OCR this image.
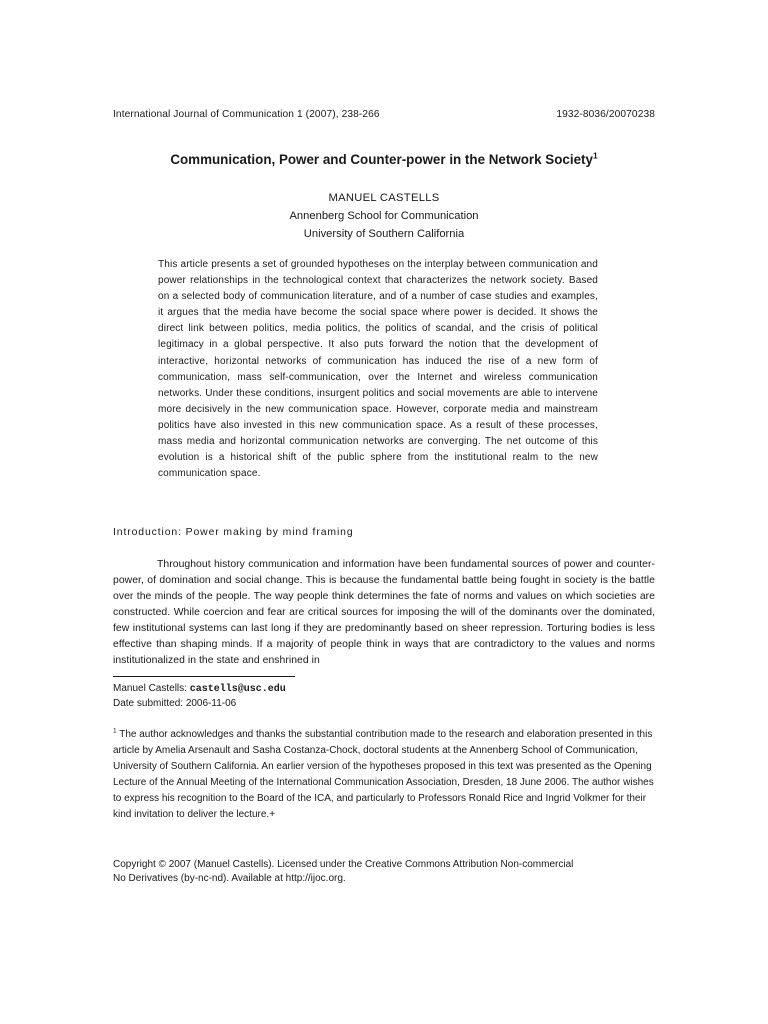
International Journal of Communication 1 (2007), 238-266	1932-8036/20070238
Communication, Power and Counter-power in the Network Society$^1$
MANUEL CASTELLS
Annenberg School for Communication
University of Southern California
This article presents a set of grounded hypotheses on the interplay between communication and power relationships in the technological context that characterizes the network society. Based on a selected body of communication literature, and of a number of case studies and examples, it argues that the media have become the social space where power is decided. It shows the direct link between politics, media politics, the politics of scandal, and the crisis of political legitimacy in a global perspective. It also puts forward the notion that the development of interactive, horizontal networks of communication has induced the rise of a new form of communication, mass self-communication, over the Internet and wireless communication networks. Under these conditions, insurgent politics and social movements are able to intervene more decisively in the new communication space. However, corporate media and mainstream politics have also invested in this new communication space. As a result of these processes, mass media and horizontal communication networks are converging. The net outcome of this evolution is a historical shift of the public sphere from the institutional realm to the new communication space.
Introduction: Power making by mind framing
Throughout history communication and information have been fundamental sources of power and counter-power, of domination and social change. This is because the fundamental battle being fought in society is the battle over the minds of the people. The way people think determines the fate of norms and values on which societies are constructed. While coercion and fear are critical sources for imposing the will of the dominants over the dominated, few institutional systems can last long if they are predominantly based on sheer repression. Torturing bodies is less effective than shaping minds. If a majority of people think in ways that are contradictory to the values and norms institutionalized in the state and enshrined in
Manuel Castells: castells@usc.edu
Date submitted: 2006-11-06
$^1$ The author acknowledges and thanks the substantial contribution made to the research and elaboration presented in this article by Amelia Arsenault and Sasha Costanza-Chock, doctoral students at the Annenberg School of Communication, University of Southern California. An earlier version of the hypotheses proposed in this text was presented as the Opening Lecture of the Annual Meeting of the International Communication Association, Dresden, 18 June 2006. The author wishes to express his recognition to the Board of the ICA, and particularly to Professors Ronald Rice and Ingrid Volkmer for their kind invitation to deliver the lecture.+
Copyright © 2007 (Manuel Castells). Licensed under the Creative Commons Attribution Non-commercial
No Derivatives (by-nc-nd). Available at http://ijoc.org.
